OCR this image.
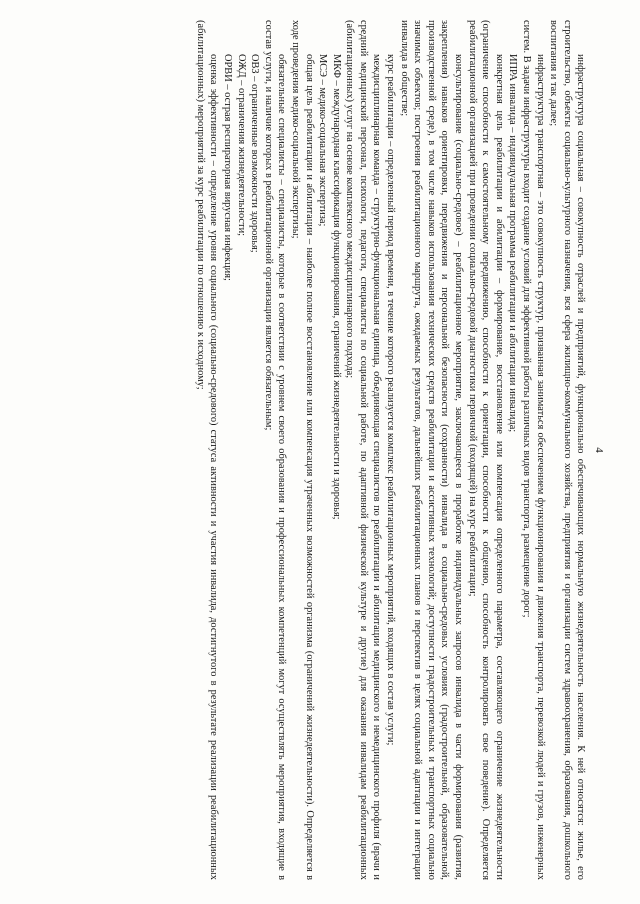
4

инфраструктура социальная – совокупность отраслей и предприятий, функционально обеспечивающих нормальную жизнедеятельность населения. К ней относятся: жилье, его строительство, объекты социально-культурного назначения, вся сфера жилищно-коммунального хозяйства, предприятия и организации систем здравоохранения, образования, дошкольного воспитания и так далее;

инфраструктура транспортная – это совокупность структур, призванная заниматься обеспечением функционирования и движения транспорта, перевозкой людей и грузов, инженерных систем. В задачи инфраструктуры входит создание условий для эффективной работы различных видов транспорта, размещение дорог;

ИПРА инвалида – индивидуальная программа реабилитации и абилитации инвалида;

конкретная цель реабилитации и абилитации – формирование, восстановление или компенсация определенного параметра, составляющего ограничение жизнедеятельности (ограничение способности к самостоятельному передвижению, способности к ориентации, способности к общению, способность контролировать свое поведение). Определяется реабилитационной организацией при проведении социально-средовой диагностики первичной (входящей) на курс реабилитации;

консультирование (социально-средовое) – реабилитационное мероприятие, заключающееся в проработке индивидуальных запросов инвалида в части формирования (развития, закрепления) навыков ориентировки, передвижения и персональной безопасности (сохранности) инвалида в социально-средовых условиях (градостроительной, образовательной, производственной среде), в том числе навыков использования технических средств реабилитации и ассистивных технологий; доступности градостроительных и транспортных социально значимых объектов; построения реабилитационного маршрута, ожидаемых результатов, дальнейших реабилитационных планов и перспектив в целях социальной адаптации и интеграции инвалида в обществе;

курс реабилитации – определенный период времени, в течение которого реализуется комплекс реабилитационных мероприятий, входящих в состав услуги;

междисциплинарная команда – структурно-функциональная единица, объединяющая специалистов по реабилитации и абилитации медицинского и немедицинского профиля (врачи и средний медицинский персонал, психологи, педагоги, специалисты по социальной работе, по адаптивной физической культуре и другие) для оказания инвалидам реабилитационных (абилитационных) услуг на основе комплексного междисциплинарного подхода;

МКФ – международная классификация функционирования, ограничений жизнедеятельности и здоровья;

МСЭ – медико-социальная экспертиза;

общая цель реабилитации и абилитации – наиболее полное восстановление или компенсация утраченных возможностей организма (ограничений жизнедеятельности). Определяется в ходе проведения медико-социальной экспертизы;

обязательные специалисты – специалисты, которые в соответствии с уровнем своего образования и профессиональных компетенций могут осуществлять мероприятия, входящие в состав услуги, и наличие которых в реабилитационной организации является обязательным;

ОВЗ – ограниченные возможности здоровья;

ОЖД – ограничения жизнедеятельности;

ОРВИ – острая респираторная вирусная инфекция;

оценка эффективности – определение уровня социального (социально-средового) статуса активности и участия инвалида, достигнутого в результате реализации реабилитационных (абилитационных) мероприятий за курс реабилитации по отношению к исходному;
